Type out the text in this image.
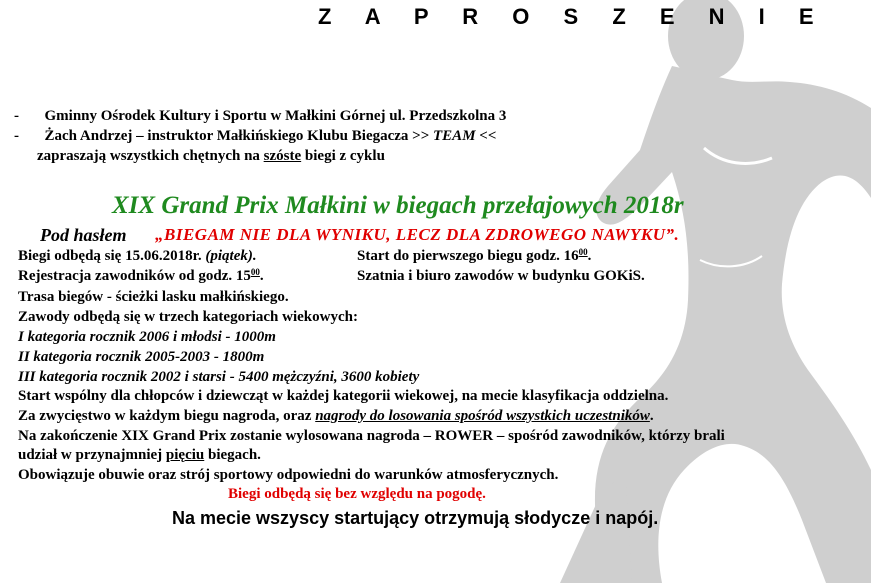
Z A P R O S Z E N I E
- Gminny Ośrodek Kultury i Sportu w Małkini Górnej ul. Przedszkolna 3
- Żach Andrzej – instruktor Małkińskiego Klubu Biegacza >> TEAM <<
zapraszają wszystkich chętnych na szóste biegi z cyklu
XIX Grand Prix Małkini w biegach przełajowych 2018r
Pod hasłem „BIEGAM NIE DLA WYNIKU, LECZ DLA ZDROWEGO NAWYKU”.
Biegi odbędą się 15.06.2018r. (piątek).	Start do pierwszego biegu godz. $16^{00}$.
Rejestracja zawodników od godz. $15^{00}$.	Szatnia i biuro zawodów w budynku GOKiS.
Trasa biegów - ścieżki lasku małkińskiego.
Zawody odbędą się w trzech kategoriach wiekowych:
I kategoria rocznik 2006 i młodsi - 1000m
II kategoria rocznik 2005-2003 - 1800m
III kategoria rocznik 2002 i starsi - 5400 mężczyźni, 3600 kobiety
Start wspólny dla chłopców i dziewcząt w każdej kategorii wiekowej, na mecie klasyfikacja oddzielna.
Za zwycięstwo w każdym biegu nagroda, oraz nagrody do losowania spośród wszystkich uczestników.
Na zakończenie XIX Grand Prix zostanie wylosowana nagroda – ROWER – spośród zawodników, którzy brali
udział w przynajmniej pięciu biegach.
Obowiązuje obuwie oraz strój sportowy odpowiedni do warunków atmosferycznych.
Biegi odbędą się bez względu na pogodę.
Na mecie wszyscy startujący otrzymują słodycze i napój.
